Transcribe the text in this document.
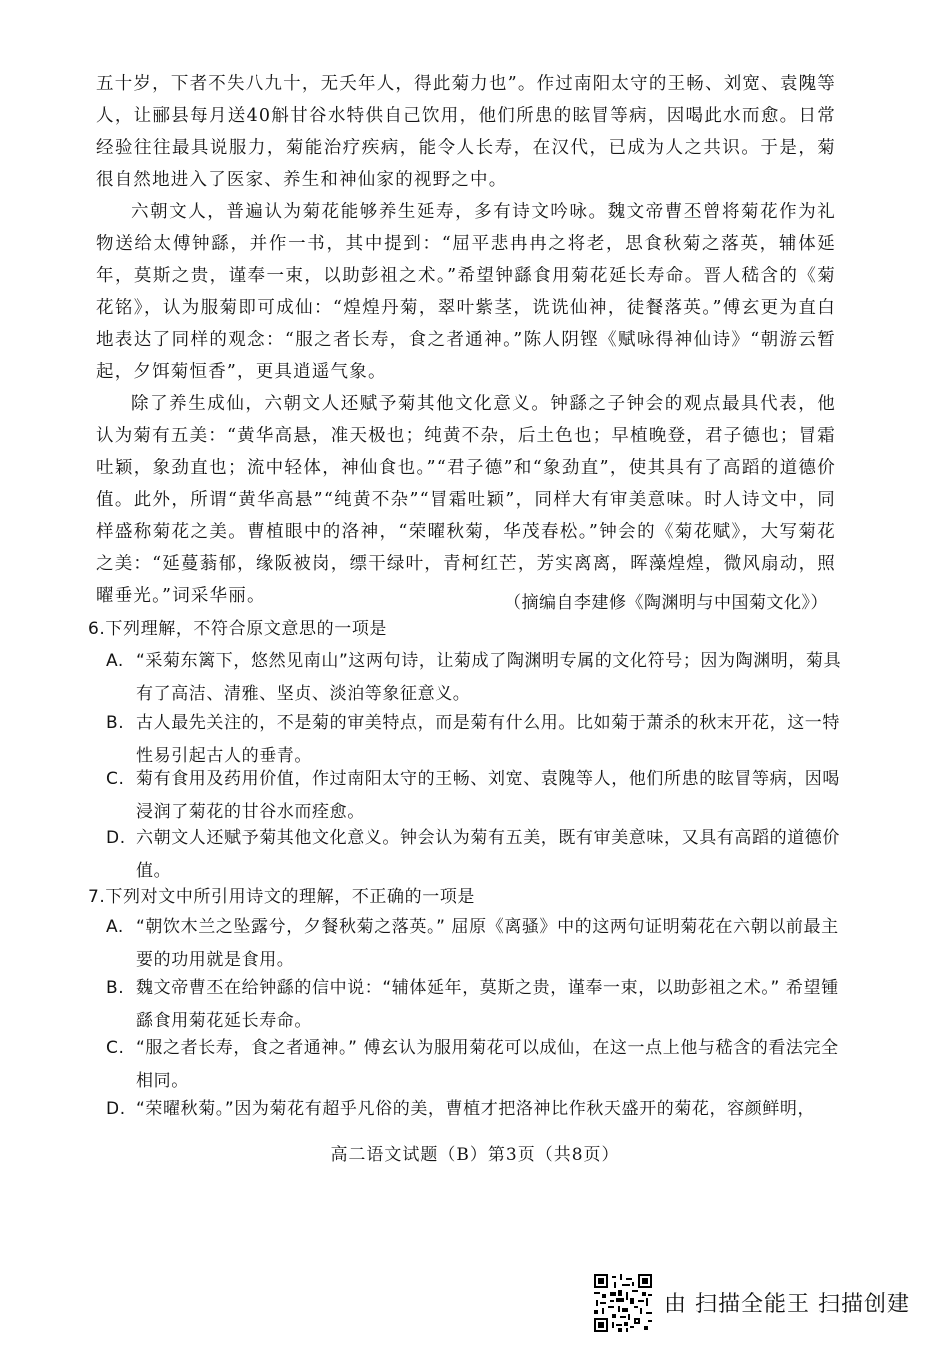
五十岁，下者不失八九十，无夭年人，得此菊力也”。作过南阳太守的王畅、刘宽、袁隗等人，让郦县每月送40斛甘谷水特供自己饮用，他们所患的眩冒等病，因喝此水而愈。日常经验往往最具说服力，菊能治疗疾病，能令人长寿，在汉代，已成为人之共识。于是，菊很自然地进入了医家、养生和神仙家的视野之中。

六朝文人，普遍认为菊花能够养生延寿，多有诗文吟咏。魏文帝曹丕曾将菊花作为礼物送给太傅钟繇，并作一书，其中提到：“屈平悲冉冉之将老，思食秋菊之落英，辅体延年，莫斯之贵，谨奉一束，以助彭祖之术。”希望钟繇食用菊花延长寿命。晋人嵇含的《菊花铭》，认为服菊即可成仙：“煌煌丹菊，翠叶紫茎，诜诜仙神，徒餐落英。”傅玄更为直白地表达了同样的观念：“服之者长寿，食之者通神。”陈人阴铿《赋咏得神仙诗》“朝游云暂起，夕饵菊恒香”，更具逍遥气象。

除了养生成仙，六朝文人还赋予菊其他文化意义。钟繇之子钟会的观点最具代表，他认为菊有五美：“黄华高悬，准天极也；纯黄不杂，后土色也；早植晚登，君子德也；冒霜吐颖，象劲直也；流中轻体，神仙食也。”“君子德”和“象劲直”，使其具有了高蹈的道德价值。此外，所谓“黄华高悬”“纯黄不杂”“冒霜吐颖”，同样大有审美意味。时人诗文中，同样盛称菊花之美。曹植眼中的洛神，“荣曜秋菊，华茂春松。”钟会的《菊花赋》，大写菊花之美：“延蔓蓊郁，缘阪被岗，缥干绿叶，青柯红芒，芳实离离，晖藻煌煌，微风扇动，照曜垂光。”词采华丽。	（摘编自李建修《陶渊明与中国菊文化》）
6.下列理解，不符合原文意思的一项是
A. “采菊东篱下，悠然见南山”这两句诗，让菊成了陶渊明专属的文化符号；因为陶渊明，菊具有了高洁、清雅、坚贞、淡泊等象征意义。
B. 古人最先关注的，不是菊的审美特点，而是菊有什么用。比如菊于萧杀的秋末开花，这一特性易引起古人的垂青。
C. 菊有食用及药用价值，作过南阳太守的王畅、刘宽、袁隗等人，他们所患的眩冒等病，因喝浸润了菊花的甘谷水而痊愈。
D. 六朝文人还赋予菊其他文化意义。钟会认为菊有五美，既有审美意味，又具有高蹈的道德价值。
7.下列对文中所引用诗文的理解，不正确的一项是
A. “朝饮木兰之坠露兮，夕餐秋菊之落英。” 屈原《离骚》中的这两句证明菊花在六朝以前最主要的功用就是食用。
B. 魏文帝曹丕在给钟繇的信中说：“辅体延年，莫斯之贵，谨奉一束，以助彭祖之术。” 希望锺繇食用菊花延长寿命。
C. “服之者长寿，食之者通神。” 傅玄认为服用菊花可以成仙，在这一点上他与嵇含的看法完全相同。
D. “荣曜秋菊。”因为菊花有超乎凡俗的美，曹植才把洛神比作秋天盛开的菊花，容颜鲜明，
高二语文试题（B）第3页（共8页）
由 扫描全能王 扫描创建
